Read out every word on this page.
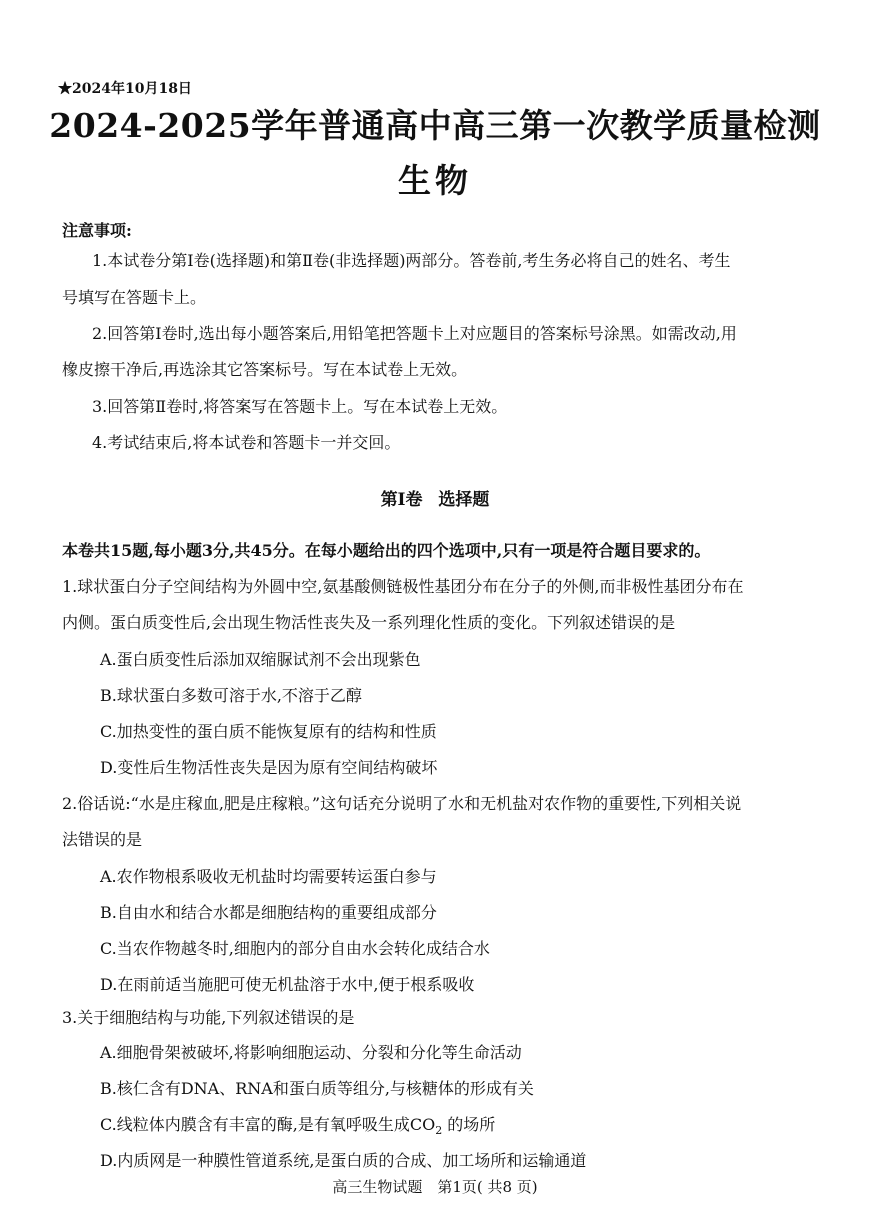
★2024年10月18日
2024-2025学年普通高中高三第一次教学质量检测
生物
注意事项:
1.本试卷分第Ⅰ卷(选择题)和第Ⅱ卷(非选择题)两部分。答卷前,考生务必将自己的姓名、考生
号填写在答题卡上。
2.回答第Ⅰ卷时,选出每小题答案后,用铅笔把答题卡上对应题目的答案标号涂黑。如需改动,用
橡皮擦干净后,再选涂其它答案标号。写在本试卷上无效。
3.回答第Ⅱ卷时,将答案写在答题卡上。写在本试卷上无效。
4.考试结束后,将本试卷和答题卡一并交回。
第Ⅰ卷 选择题
本卷共15题,每小题3分,共45分。在每小题给出的四个选项中,只有一项是符合题目要求的。
1.球状蛋白分子空间结构为外圆中空,氨基酸侧链极性基团分布在分子的外侧,而非极性基团分布在
内侧。蛋白质变性后,会出现生物活性丧失及一系列理化性质的变化。下列叙述错误的是
A.蛋白质变性后添加双缩脲试剂不会出现紫色
B.球状蛋白多数可溶于水,不溶于乙醇
C.加热变性的蛋白质不能恢复原有的结构和性质
D.变性后生物活性丧失是因为原有空间结构破坏
2.俗话说:“水是庄稼血,肥是庄稼粮。”这句话充分说明了水和无机盐对农作物的重要性,下列相关说
法错误的是
A.农作物根系吸收无机盐时均需要转运蛋白参与
B.自由水和结合水都是细胞结构的重要组成部分
C.当农作物越冬时,细胞内的部分自由水会转化成结合水
D.在雨前适当施肥可使无机盐溶于水中,便于根系吸收
3.关于细胞结构与功能,下列叙述错误的是
A.细胞骨架被破坏,将影响细胞运动、分裂和分化等生命活动
B.核仁含有DNA、RNA和蛋白质等组分,与核糖体的形成有关
C.线粒体内膜含有丰富的酶,是有氧呼吸生成$CO_2$ 的场所
D.内质网是一种膜性管道系统,是蛋白质的合成、加工场所和运输通道
高三生物试题　第1页( 共8 页)
